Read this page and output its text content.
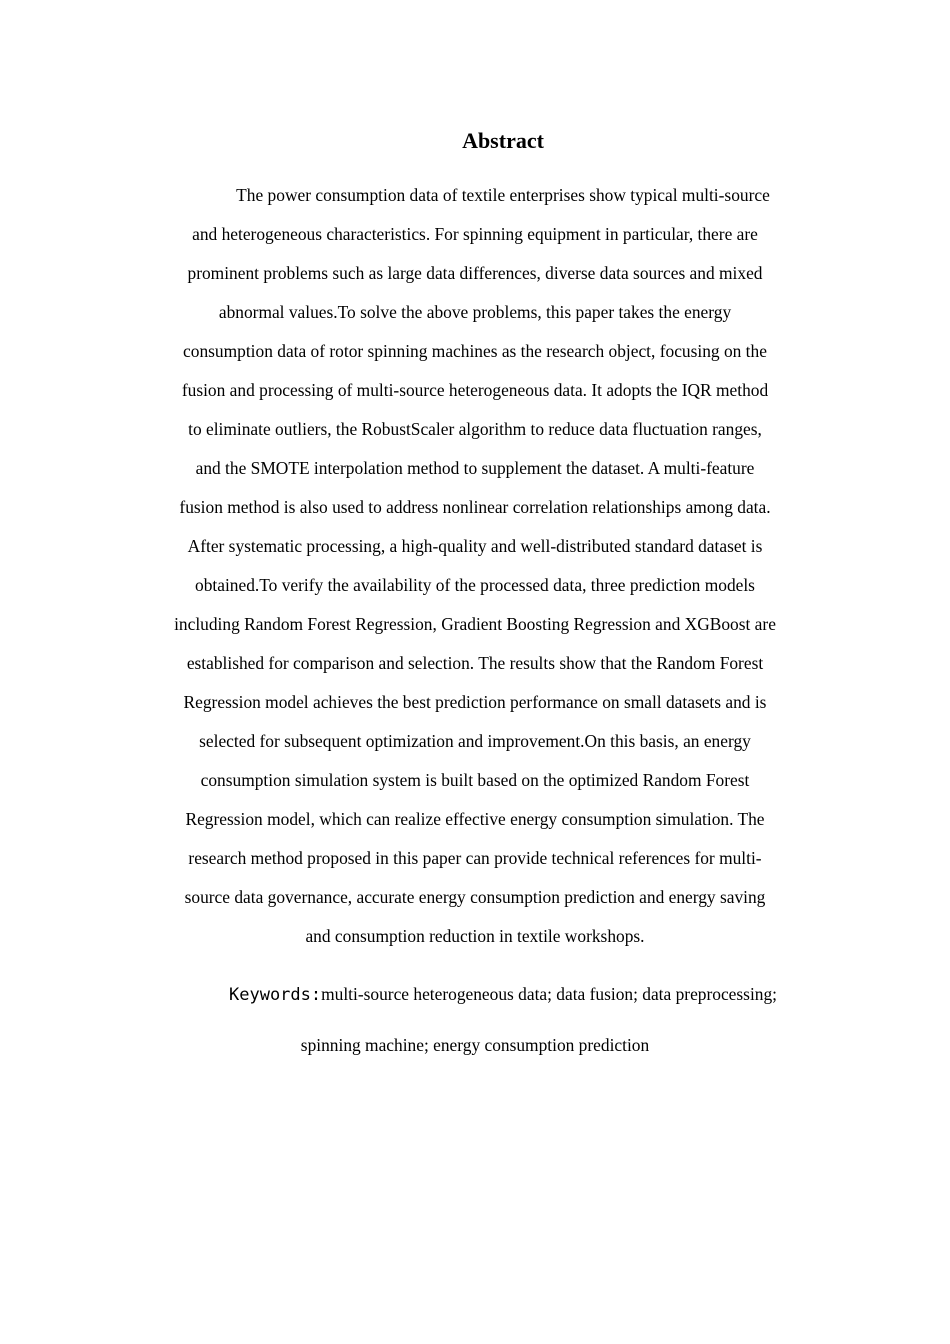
Abstract

The power consumption data of textile enterprises show typical multi-source
and heterogeneous characteristics. For spinning equipment in particular, there are
prominent problems such as large data differences, diverse data sources and mixed
abnormal values.To solve the above problems, this paper takes the energy
consumption data of rotor spinning machines as the research object, focusing on the
fusion and processing of multi-source heterogeneous data. It adopts the IQR method
to eliminate outliers, the RobustScaler algorithm to reduce data fluctuation ranges,
and the SMOTE interpolation method to supplement the dataset. A multi-feature
fusion method is also used to address nonlinear correlation relationships among data.
After systematic processing, a high-quality and well-distributed standard dataset is
obtained.To verify the availability of the processed data, three prediction models
including Random Forest Regression, Gradient Boosting Regression and XGBoost are
established for comparison and selection. The results show that the Random Forest
Regression model achieves the best prediction performance on small datasets and is
selected for subsequent optimization and improvement.On this basis, an energy
consumption simulation system is built based on the optimized Random Forest
Regression model, which can realize effective energy consumption simulation. The
research method proposed in this paper can provide technical references for multi-
source data governance, accurate energy consumption prediction and energy saving
and consumption reduction in textile workshops.

Keywords:multi-source heterogeneous data; data fusion; data preprocessing;
spinning machine; energy consumption prediction
